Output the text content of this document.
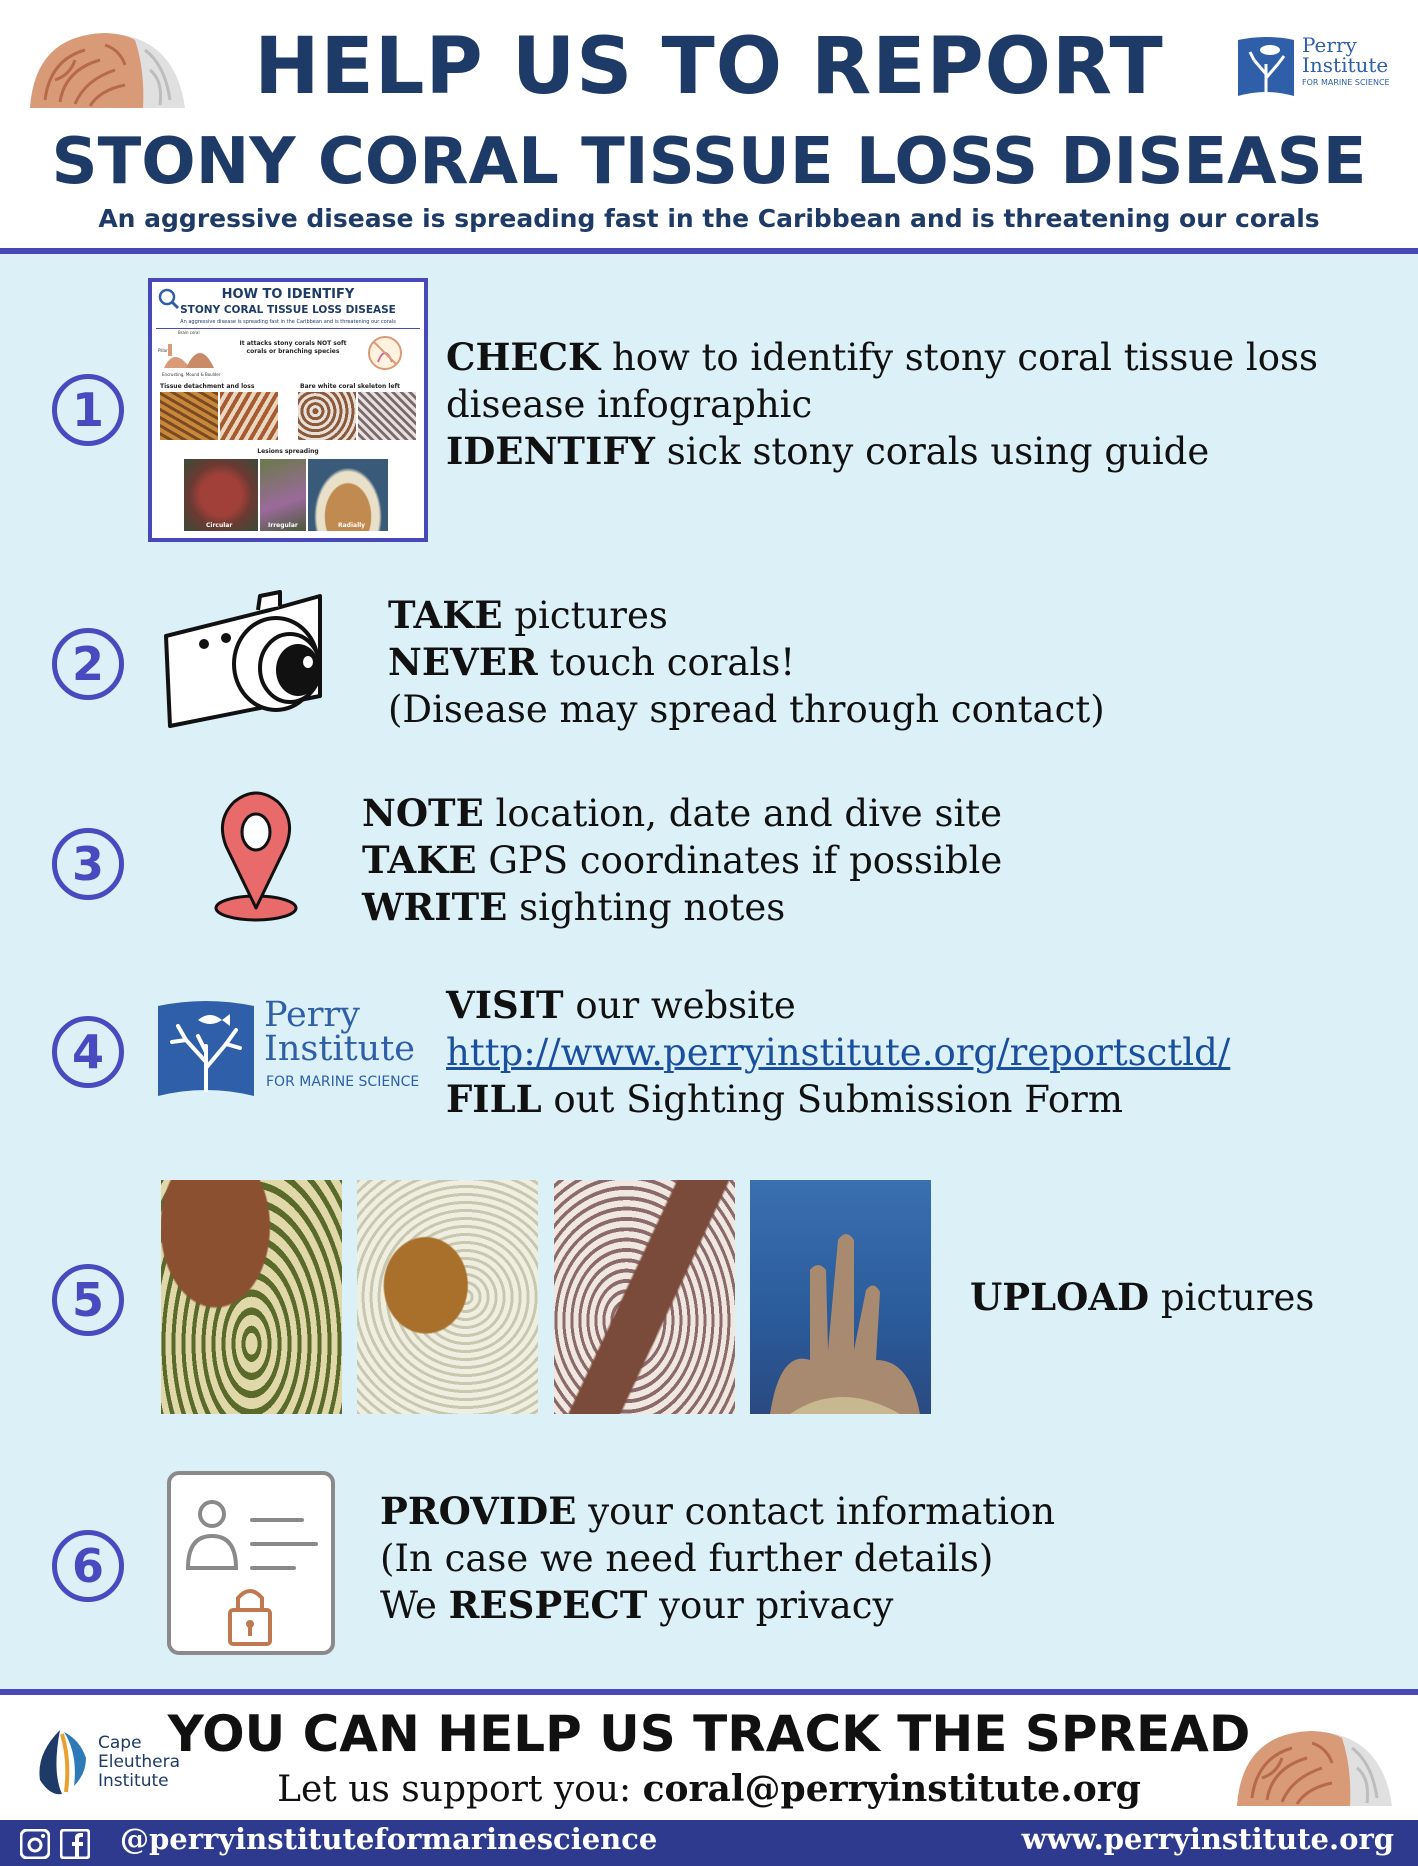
HELP US TO REPORT
STONY CORAL TISSUE LOSS DISEASE
An aggressive disease is spreading fast in the Caribbean and is threatening our corals
Perry
Institute
FOR MARINE SCIENCE
1
HOW TO IDENTIFY
STONY CORAL TISSUE LOSS DISEASE
An aggressive disease is spreading fast in the Caribbean and is threatening our corals
Brain coral
Pillar
Encrusting, Mound & Boulder
It attacks stony corals NOT soft corals or branching species
Tissue detachment and loss	Bare white coral skeleton left
Lesions spreading
Circular	Irregular	Radially
CHECK how to identify stony coral tissue loss
disease infographic
IDENTIFY sick stony corals using guide
2
TAKE pictures
NEVER touch corals!
(Disease may spread through contact)
3
NOTE location, date and dive site
TAKE GPS coordinates if possible
WRITE sighting notes
4
Perry
Institute
FOR MARINE SCIENCE
VISIT our website
http://www.perryinstitute.org/reportsctld/
FILL out Sighting Submission Form
5	UPLOAD pictures
6
PROVIDE your contact information
(In case we need further details)
We RESPECT your privacy
Cape
Eleuthera
Institute
YOU CAN HELP US TRACK THE SPREAD
Let us support you: coral@perryinstitute.org
@perryinstituteformarinescience	www.perryinstitute.org
